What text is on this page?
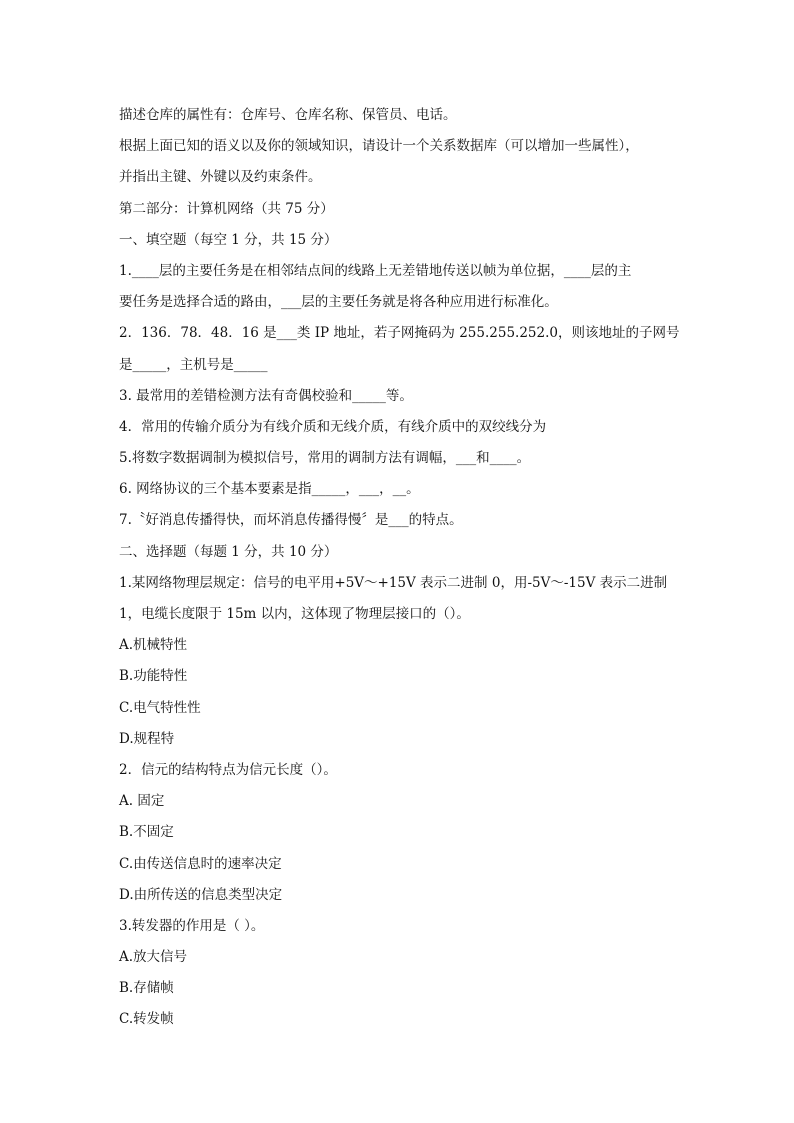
描述仓库的属性有：仓库号、仓库名称、保管员、电话。
根据上面已知的语义以及你的领域知识，请设计一个关系数据库（可以增加一些属性），
并指出主键、外键以及约束条件。
第二部分：计算机网络（共 75 分）
一、填空题（每空 1 分，共 15 分）
1.____层的主要任务是在相邻结点间的线路上无差错地传送以帧为单位据，____层的主
要任务是选择合适的路由，___层的主要任务就是将各种应用进行标准化。
2．136．78．48．16 是___类 IP 地址，若子网掩码为 255.255.252.0，则该地址的子网号
是_____，主机号是_____
3. 最常用的差错检测方法有奇偶校验和_____等。
4．常用的传输介质分为有线介质和无线介质，有线介质中的双绞线分为
5.将数字数据调制为模拟信号，常用的调制方法有调幅，___和____。
6. 网络协议的三个基本要素是指_____，___，__。
7.〝好消息传播得快，而坏消息传播得慢〞是___的特点。
二、选择题（每题 1 分，共 10 分）
1.某网络物理层规定：信号的电平用+5V～+15V 表示二进制 0，用-5V～-15V 表示二进制
1，电缆长度限于 15m 以内，这体现了物理层接口的（）。
A.机械特性
B.功能特性
C.电气特性性
D.规程特
2．信元的结构特点为信元长度（）。
A. 固定
B.不固定
C.由传送信息时的速率决定
D.由所传送的信息类型决定
3.转发器的作用是（ ）。
A.放大信号
B.存储帧
C.转发帧
